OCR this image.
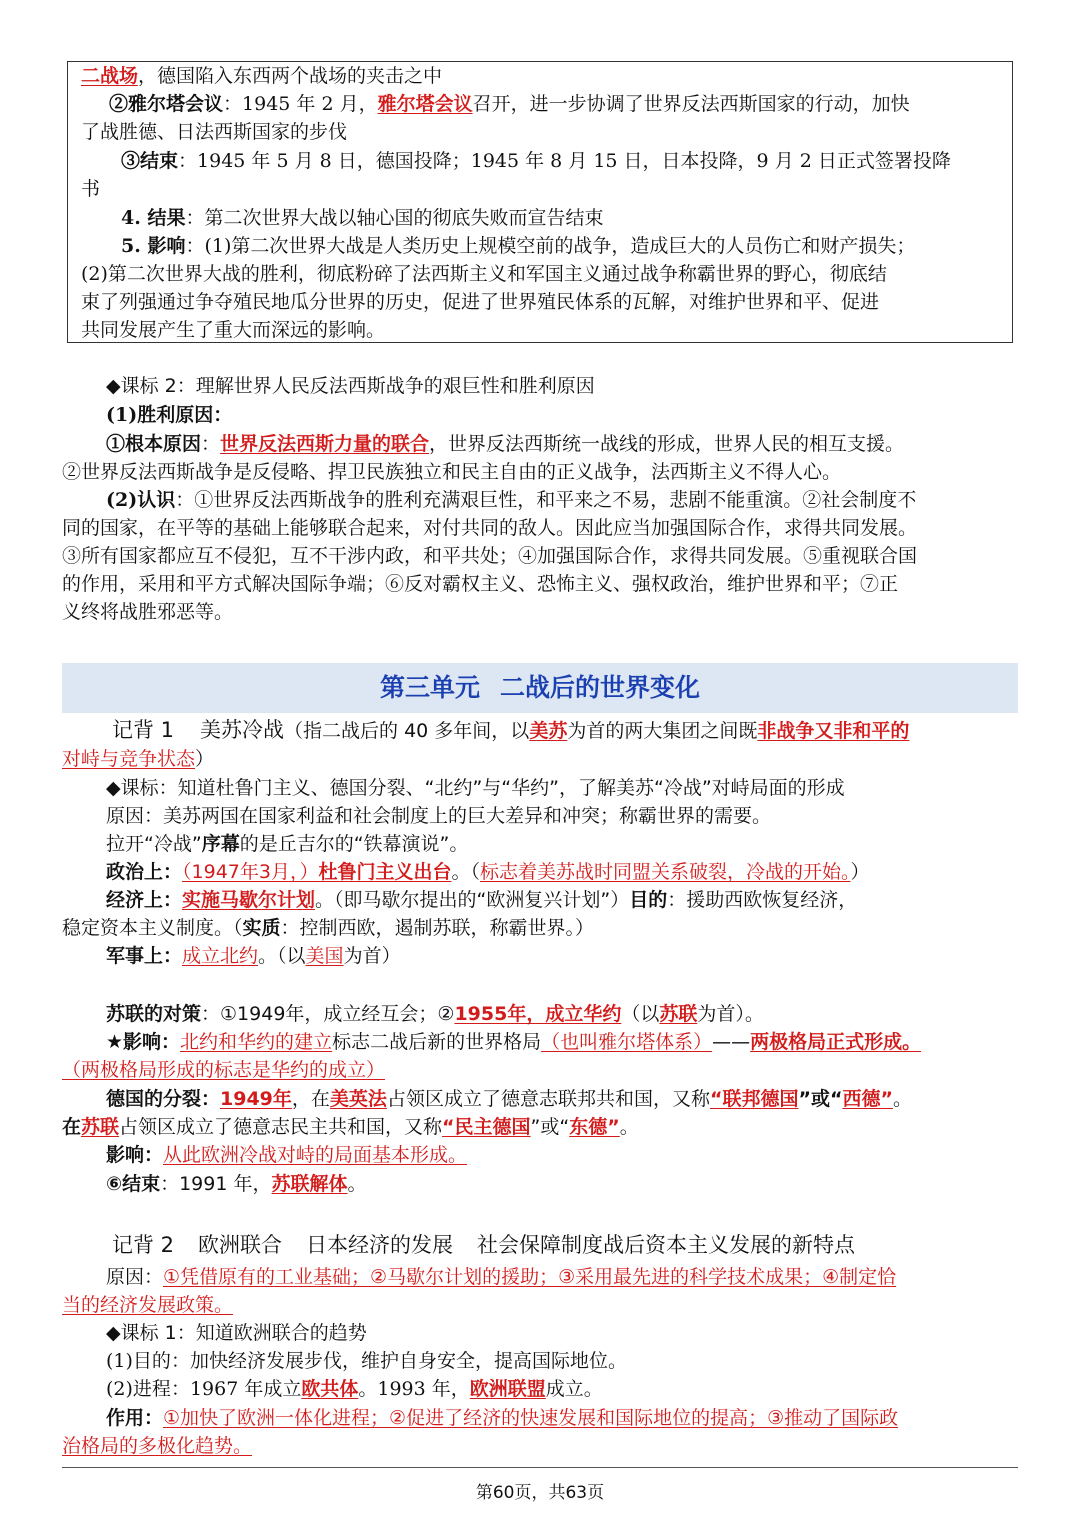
二战场，德国陷入东西两个战场的夹击之中
②雅尔塔会议：1945 年 2 月，雅尔塔会议召开，进一步协调了世界反法西斯国家的行动，加快
了战胜德、日法西斯国家的步伐
③结束：1945 年 5 月 8 日，德国投降；1945 年 8 月 15 日，日本投降，9 月 2 日正式签署投降
书
4. 结果：第二次世界大战以轴心国的彻底失败而宣告结束
5. 影响：(1)第二次世界大战是人类历史上规模空前的战争，造成巨大的人员伤亡和财产损失；
(2)第二次世界大战的胜利，彻底粉碎了法西斯主义和军国主义通过战争称霸世界的野心，彻底结
束了列强通过争夺殖民地瓜分世界的历史，促进了世界殖民体系的瓦解，对维护世界和平、促进
共同发展产生了重大而深远的影响。
◆课标 2：理解世界人民反法西斯战争的艰巨性和胜利原因
(1)胜利原因：
①根本原因：世界反法西斯力量的联合，世界反法西斯统一战线的形成，世界人民的相互支援。
②世界反法西斯战争是反侵略、捍卫民族独立和民主自由的正义战争，法西斯主义不得人心。
(2)认识：①世界反法西斯战争的胜利充满艰巨性，和平来之不易，悲剧不能重演。②社会制度不
同的国家，在平等的基础上能够联合起来，对付共同的敌人。因此应当加强国际合作，求得共同发展。
③所有国家都应互不侵犯，互不干涉内政，和平共处；④加强国际合作，求得共同发展。⑤重视联合国
的作用，采用和平方式解决国际争端；⑥反对霸权主义、恐怖主义、强权政治，维护世界和平；⑦正
义终将战胜邪恶等。
第三单元 二战后的世界变化
记背 1 美苏冷战（指二战后的 40 多年间，以美苏为首的两大集团之间既非战争又非和平的
对峙与竞争状态）
◆课标：知道杜鲁门主义、德国分裂、“北约”与“华约”，了解美苏“冷战”对峙局面的形成
原因：美苏两国在国家利益和社会制度上的巨大差异和冲突；称霸世界的需要。
拉开“冷战”序幕的是丘吉尔的“铁幕演说”。
政治上：（1947年3月，）杜鲁门主义出台。（标志着美苏战时同盟关系破裂，冷战的开始。）
经济上：实施马歇尔计划。（即马歇尔提出的“欧洲复兴计划”）目的：援助西欧恢复经济，
稳定资本主义制度。（实质：控制西欧，遏制苏联，称霸世界。）
军事上：成立北约。（以美国为首）
苏联的对策：①1949年，成立经互会；②1955年，成立华约（以苏联为首）。
★影响：北约和华约的建立标志二战后新的世界格局（也叫雅尔塔体系）——两极格局正式形成。
（两极格局形成的标志是华约的成立）
德国的分裂：1949年，在美英法占领区成立了德意志联邦共和国，又称“联邦德国”或“西德”。
在苏联占领区成立了德意志民主共和国，又称“民主德国”或“东德”。
影响：从此欧洲冷战对峙的局面基本形成。
⑥结束：1991 年，苏联解体。
记背 2 欧洲联合 日本经济的发展 社会保障制度战后资本主义发展的新特点
原因：①凭借原有的工业基础；②马歇尔计划的援助；③采用最先进的科学技术成果；④制定恰
当的经济发展政策。
◆课标 1：知道欧洲联合的趋势
(1)目的：加快经济发展步伐，维护自身安全，提高国际地位。
(2)进程：1967 年成立欧共体。1993 年，欧洲联盟成立。
作用：①加快了欧洲一体化进程；②促进了经济的快速发展和国际地位的提高；③推动了国际政
治格局的多极化趋势。
第60页，共63页
